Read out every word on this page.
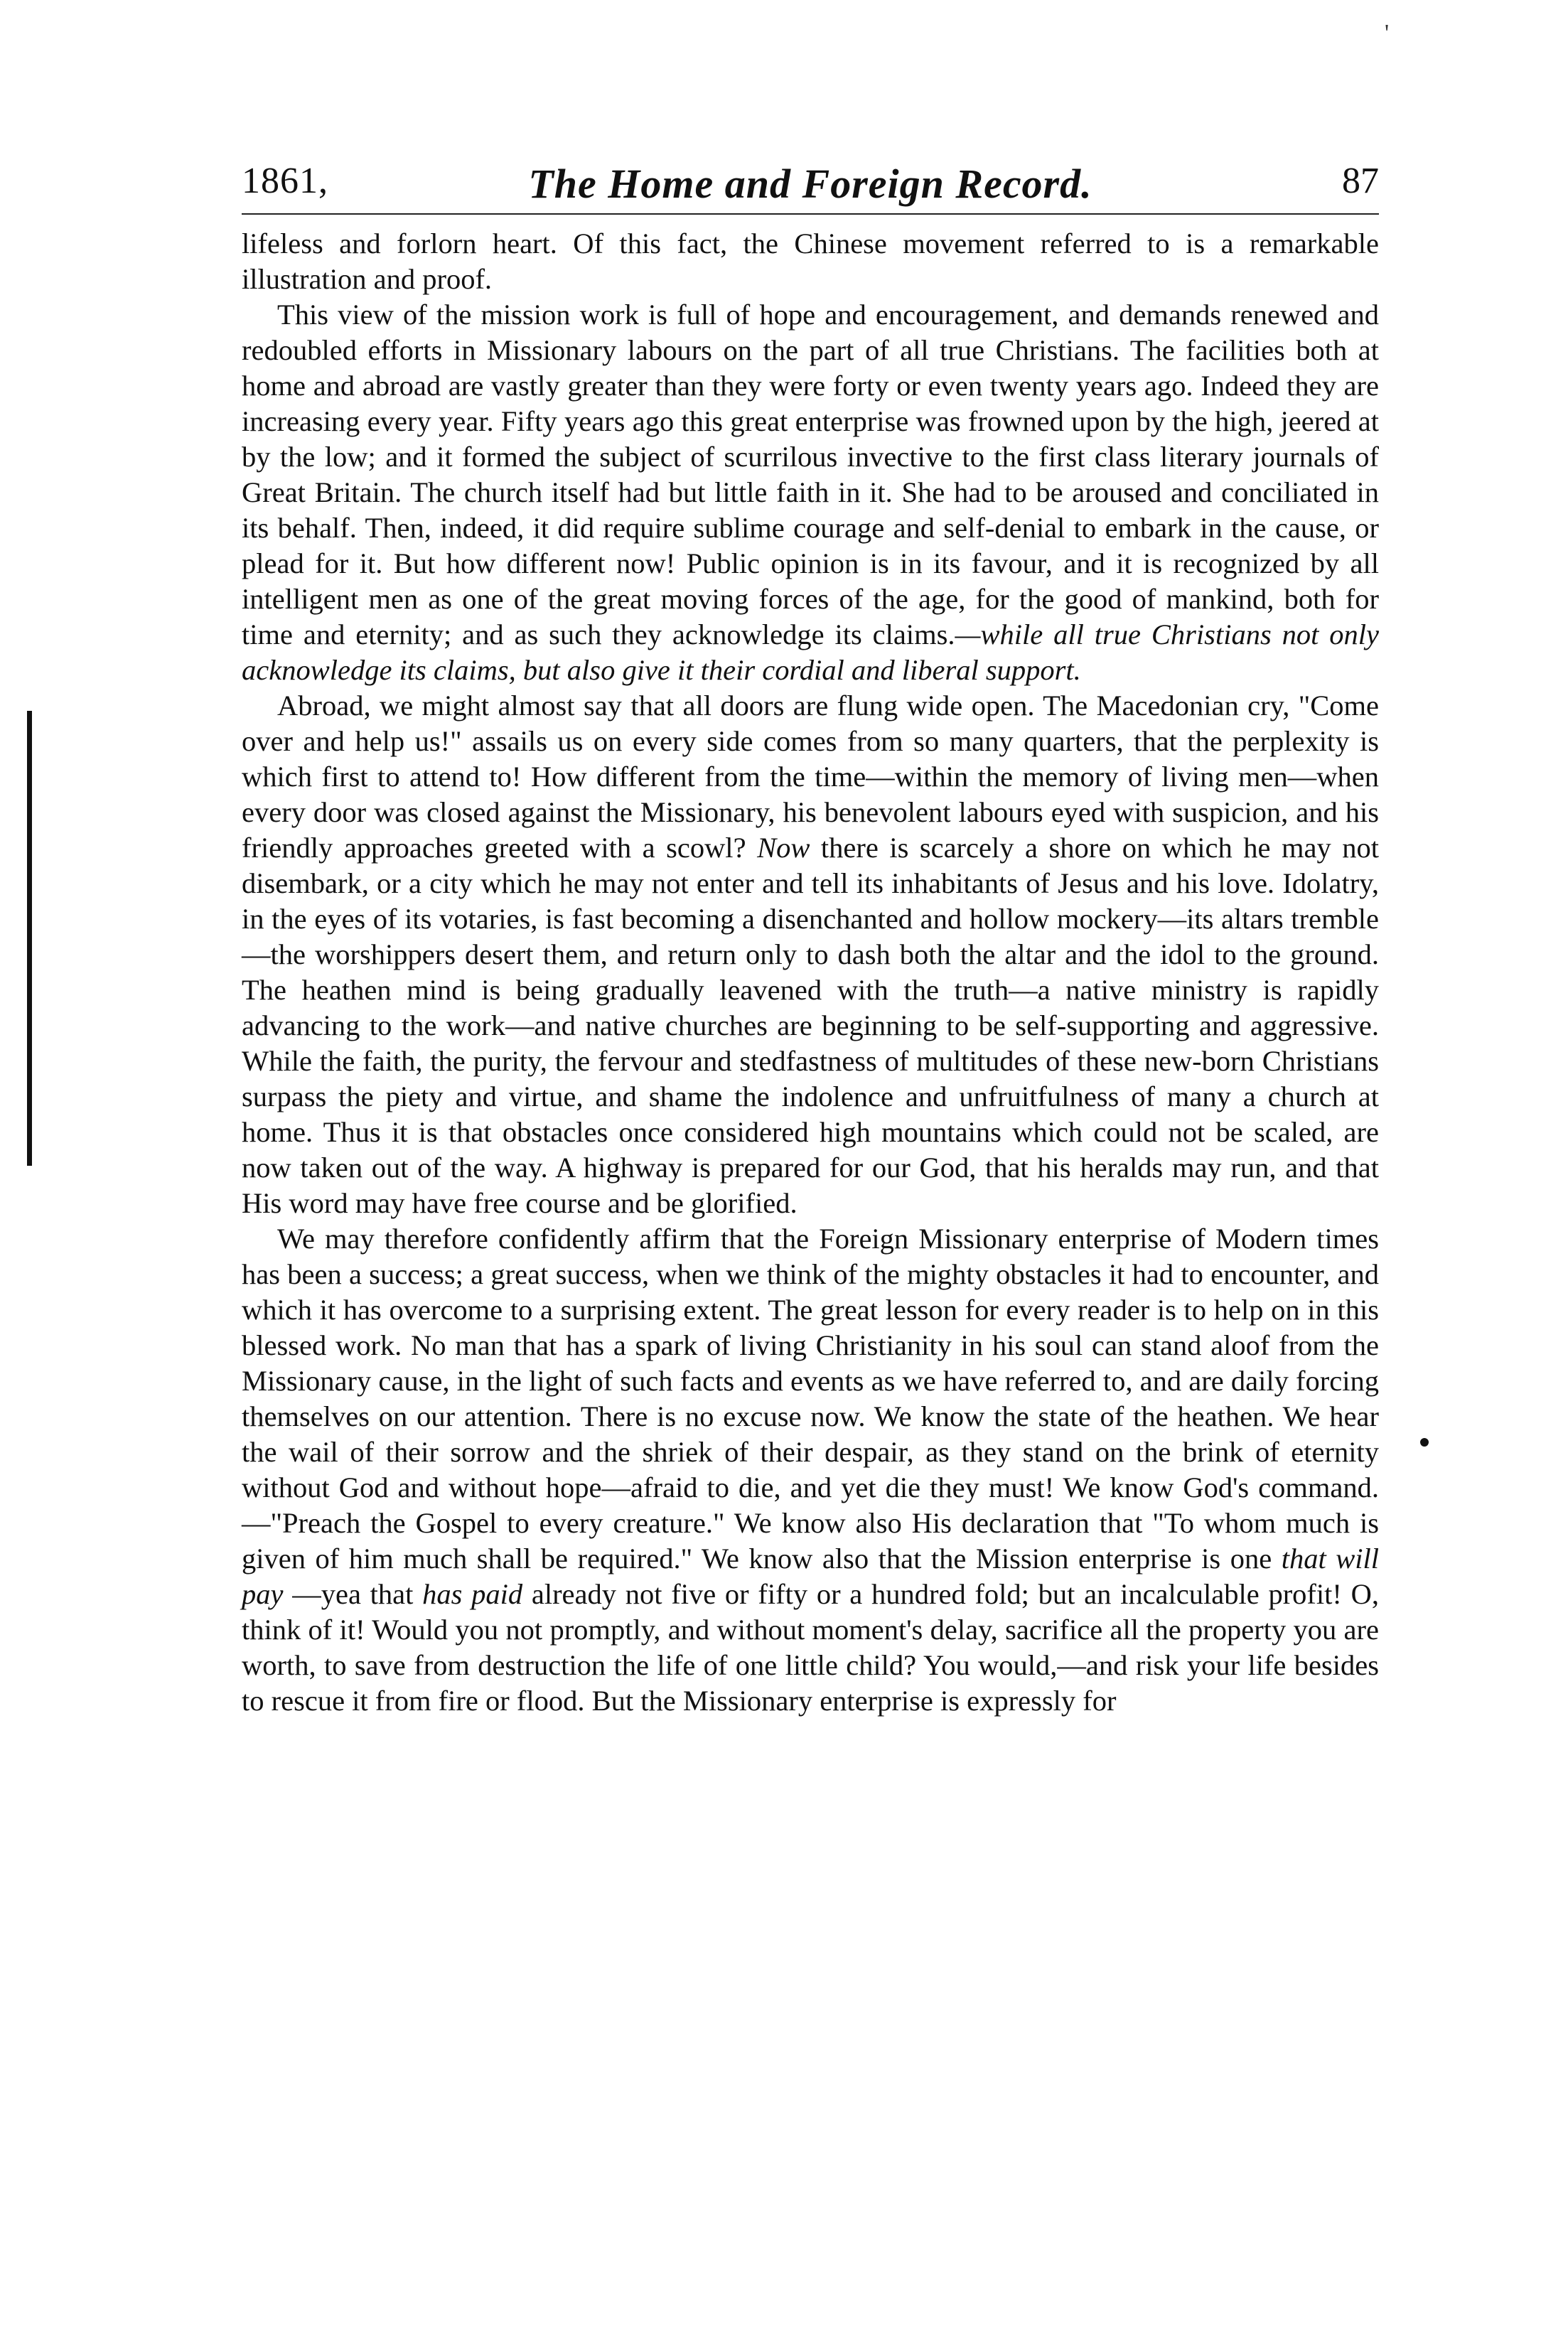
'
1861,	The Home and Foreign Record.	87

lifeless and forlorn heart. Of this fact, the Chinese movement referred to is a remarkable illustration and proof.

This view of the mission work is full of hope and encouragement, and demands renewed and redoubled efforts in Missionary labours on the part of all true Christians. The facilities both at home and abroad are vastly greater than they were forty or even twenty years ago. Indeed they are increasing every year. Fifty years ago this great enterprise was frowned upon by the high, jeered at by the low; and it formed the subject of scurrilous invective to the first class literary journals of Great Britain. The church itself had but little faith in it. She had to be aroused and conciliated in its behalf. Then, indeed, it did require sublime courage and self-denial to embark in the cause, or plead for it. But how different now! Public opinion is in its favour, and it is recognized by all intelligent men as one of the great moving forces of the age, for the good of mankind, both for time and eternity; and as such they acknowledge its claims.—while all true Christians not only acknowledge its claims, but also give it their cordial and liberal support.

Abroad, we might almost say that all doors are flung wide open. The Macedonian cry, "Come over and help us!" assails us on every side comes from so many quarters, that the perplexity is which first to attend to! How different from the time—within the memory of living men—when every door was closed against the Missionary, his benevolent labours eyed with suspicion, and his friendly approaches greeted with a scowl? Now there is scarcely a shore on which he may not disembark, or a city which he may not enter and tell its inhabitants of Jesus and his love. Idolatry, in the eyes of its votaries, is fast becoming a disenchanted and hollow mockery—its altars tremble—the worshippers desert them, and return only to dash both the altar and the idol to the ground. The heathen mind is being gradually leavened with the truth—a native ministry is rapidly advancing to the work—and native churches are beginning to be self-supporting and aggressive. While the faith, the purity, the fervour and stedfastness of multitudes of these new-born Christians surpass the piety and virtue, and shame the indolence and unfruitfulness of many a church at home. Thus it is that obstacles once considered high mountains which could not be scaled, are now taken out of the way. A highway is prepared for our God, that his heralds may run, and that His word may have free course and be glorified.

We may therefore confidently affirm that the Foreign Missionary enterprise of Modern times has been a success; a great success, when we think of the mighty obstacles it had to encounter, and which it has overcome to a surprising extent. The great lesson for every reader is to help on in this blessed work. No man that has a spark of living Christianity in his soul can stand aloof from the Missionary cause, in the light of such facts and events as we have referred to, and are daily forcing themselves on our attention. There is no excuse now. We know the state of the heathen. We hear the wail of their sorrow and the shriek of their despair, as they stand on the brink of eternity without God and without hope—afraid to die, and yet die they must! We know God's command.—"Preach the Gospel to every creature." We know also His declaration that "To whom much is given of him much shall be required." We know also that the Mission enterprise is one that will pay —yea that has paid already not five or fifty or a hundred fold; but an incalculable profit! O, think of it! Would you not promptly, and without moment's delay, sacrifice all the property you are worth, to save from destruction the life of one little child? You would,—and risk your life besides to rescue it from fire or flood. But the Missionary enterprise is expressly for
